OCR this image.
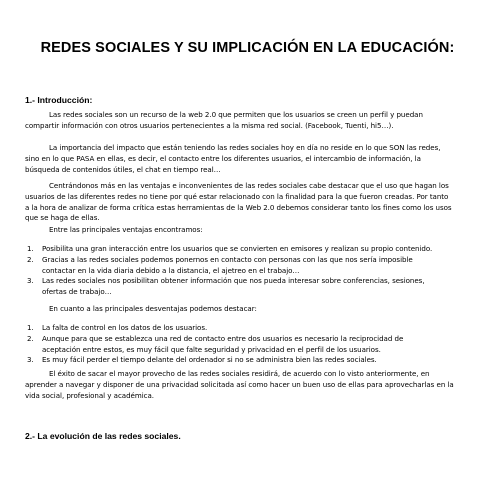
REDES SOCIALES Y SU IMPLICACIÓN EN LA EDUCACIÓN:
1.- Introducción:
Las redes sociales son un recurso de la web 2.0 que permiten que los usuarios se creen un perfil y puedan
compartir información con otros usuarios pertenecientes a la misma red social. (Facebook, Tuenti, hi5…).
La importancia del impacto que están teniendo las redes sociales hoy en día no reside en lo que SON las redes,
sino en lo que PASA en ellas, es decir, el contacto entre los diferentes usuarios, el intercambio de información, la
búsqueda de contenidos útiles, el chat en tiempo real…
Centrándonos más en las ventajas e inconvenientes de las redes sociales cabe destacar que el uso que hagan los
usuarios de las diferentes redes no tiene por qué estar relacionado con la finalidad para la que fueron creadas. Por tanto
a la hora de analizar de forma crítica estas herramientas de la Web 2.0 debemos considerar tanto los fines como los usos
que se haga de ellas.
Entre las principales ventajas encontramos:
1. Posibilita una gran interacción entre los usuarios que se convierten en emisores y realizan su propio contenido.
2. Gracias a las redes sociales podemos ponernos en contacto con personas con las que nos sería imposible
contactar en la vida diaria debido a la distancia, el ajetreo en el trabajo…
3. Las redes sociales nos posibilitan obtener información que nos pueda interesar sobre conferencias, sesiones,
ofertas de trabajo…
En cuanto a las principales desventajas podemos destacar:
1. La falta de control en los datos de los usuarios.
2. Aunque para que se establezca una red de contacto entre dos usuarios es necesario la reciprocidad de
aceptación entre estos, es muy fácil que falte seguridad y privacidad en el perfil de los usuarios.
3. Es muy fácil perder el tiempo delante del ordenador si no se administra bien las redes sociales.
El éxito de sacar el mayor provecho de las redes sociales residirá, de acuerdo con lo visto anteriormente, en
aprender a navegar y disponer de una privacidad solicitada así como hacer un buen uso de ellas para aprovecharlas en la
vida social, profesional y académica.
2.- La evolución de las redes sociales.
